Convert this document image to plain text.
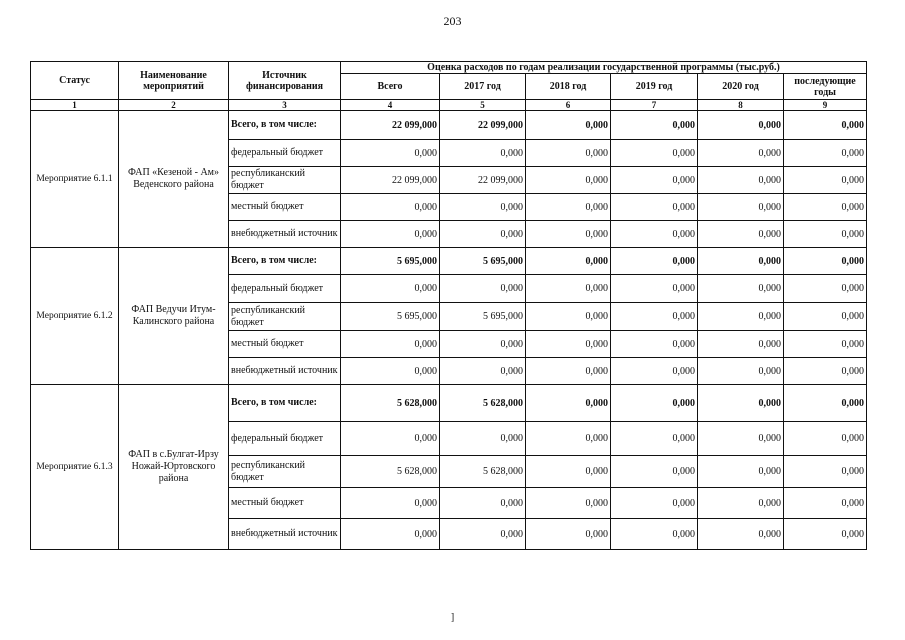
203
Статус	Наименование мероприятий	Источник финансирования	Оценка расходов по годам реализации государственной программы (тыс.руб.)					
			Всего	2017 год	2018 год	2019 год	2020 год	последующие годы
1	2	3	4	5	6	7	8	9
Мероприятие 6.1.1	ФАП «Кезеной - Ам» Веденского района	Всего, в том числе:	22 099,000	22 099,000	0,000	0,000	0,000	0,000
		федеральный бюджет	0,000	0,000	0,000	0,000	0,000	0,000
		республиканский бюджет	22 099,000	22 099,000	0,000	0,000	0,000	0,000
		местный бюджет	0,000	0,000	0,000	0,000	0,000	0,000
		внебюджетный источник	0,000	0,000	0,000	0,000	0,000	0,000
Мероприятие 6.1.2	ФАП Ведучи Итум-Калинского района	Всего, в том числе:	5 695,000	5 695,000	0,000	0,000	0,000	0,000
		федеральный бюджет	0,000	0,000	0,000	0,000	0,000	0,000
		республиканский бюджет	5 695,000	5 695,000	0,000	0,000	0,000	0,000
		местный бюджет	0,000	0,000	0,000	0,000	0,000	0,000
		внебюджетный источник	0,000	0,000	0,000	0,000	0,000	0,000
Мероприятие 6.1.3	ФАП в с.Булгат-Ирзу Ножай-Юртовского района	Всего, в том числе:	5 628,000	5 628,000	0,000	0,000	0,000	0,000
		федеральный бюджет	0,000	0,000	0,000	0,000	0,000	0,000
		республиканский бюджет	5 628,000	5 628,000	0,000	0,000	0,000	0,000
		местный бюджет	0,000	0,000	0,000	0,000	0,000	0,000
		внебюджетный источник	0,000	0,000	0,000	0,000	0,000	0,000
]
